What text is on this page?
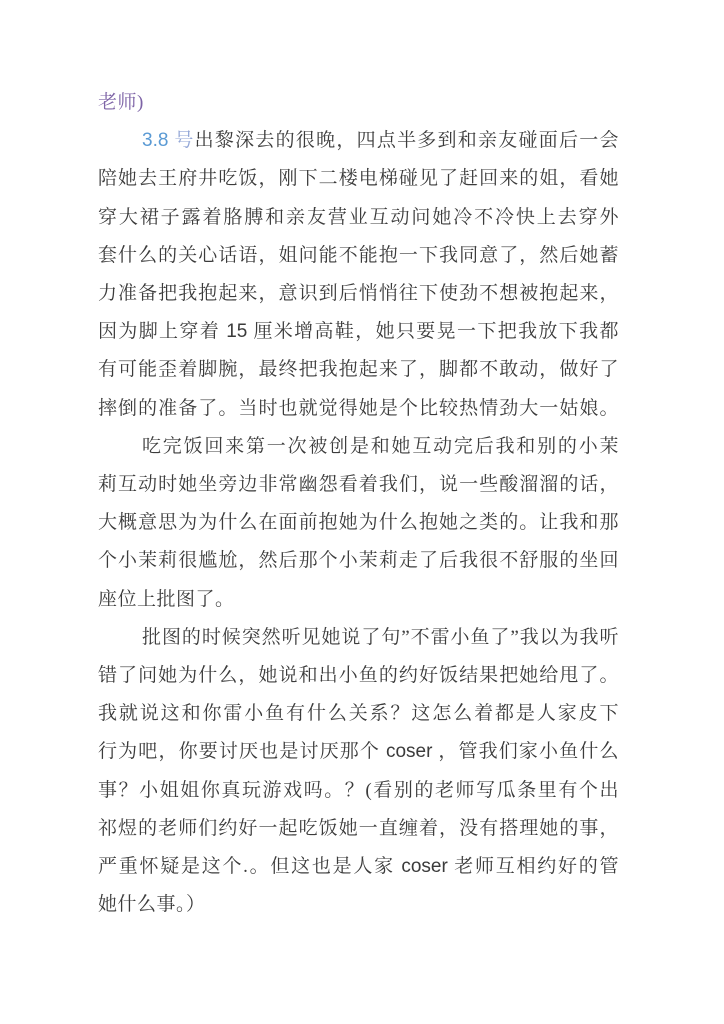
老师)
3.8 号出黎深去的很晚，四点半多到和亲友碰面后一会
陪她去王府井吃饭，刚下二楼电梯碰见了赶回来的姐，看她
穿大裙子露着胳膊和亲友营业互动问她冷不冷快上去穿外
套什么的关心话语，姐问能不能抱一下我同意了，然后她蓄
力准备把我抱起来，意识到后悄悄往下使劲不想被抱起来，
因为脚上穿着 15 厘米增高鞋，她只要晃一下把我放下我都
有可能歪着脚腕，最终把我抱起来了，脚都不敢动，做好了
摔倒的准备了。当时也就觉得她是个比较热情劲大一姑娘。
吃完饭回来第一次被创是和她互动完后我和别的小茉
莉互动时她坐旁边非常幽怨看着我们，说一些酸溜溜的话，
大概意思为为什么在面前抱她为什么抱她之类的。让我和那
个小茉莉很尴尬，然后那个小茉莉走了后我很不舒服的坐回
座位上批图了。
批图的时候突然听见她说了句”不雷小鱼了”我以为我听
错了问她为什么，她说和出小鱼的约好饭结果把她给甩了。
我就说这和你雷小鱼有什么关系？这怎么着都是人家皮下
行为吧，你要讨厌也是讨厌那个 coser ，管我们家小鱼什么
事？小姐姐你真玩游戏吗。？(看别的老师写瓜条里有个出
祁煜的老师们约好一起吃饭她一直缠着，没有搭理她的事，
严重怀疑是这个.。但这也是人家 coser 老师互相约好的管
她什么事。）
